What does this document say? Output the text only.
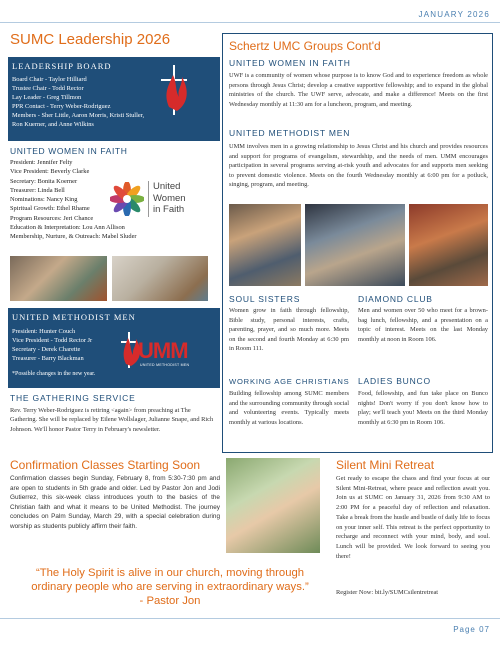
JANUARY 2026
SUMC Leadership 2026
LEADERSHIP BOARD
Board Chair - Taylor Hilliard
Trustee Chair - Todd Rector
Lay Leader - Greg Tillmon
PPR Contact - Terry Weber-Rodriguez
Members - Sher Little, Aaron Morris, Kristi Stuller,
Ron Kuerner, and Anne Wilkins
UNITED WOMEN IN FAITH
President: Jennifer Felty
Vice President: Beverly Clarke
Secretary: Bonita Koerner
Treasurer: Linda Bell
Nominations: Nancy King
Spiritual Growth: Ethel Rhame
Program Resources: Jeri Chance
Education & Interpretation: Lou Ann Allison
Membership, Nurture, & Outreach: Mabel Sluder
United
Women
in Faith
UNITED METHODIST MEN
President: Hunter Couch
Vice President - Todd Rector Jr
Secretary - Derek Charette
Treasurer - Barry Blackman
*Possible changes in the new year.
UMM
UNITED METHODIST MEN
THE GATHERING SERVICE
Rev. Terry Weber-Rodriguez is retiring <again> from preaching at The Gathering. She will be replaced by Eilene Wollslager, Julianne Snape, and Rich Johnson. We'll honor Pastor Terry in February's newsletter.
Schertz UMC Groups Cont'd
UNITED WOMEN IN FAITH
UWF is a community of women whose purpose is to know God and to experience freedom as whole persons through Jesus Christ; develop a creative supportive fellowship; and to expand in the global ministries of the church. The UWF serve, advocate, and make a difference! Meets on the first Wednesday monthly at 11:30 am for a luncheon, program, and meeting.
UNITED METHODIST MEN
UMM involves men in a growing relationship to Jesus Christ and his church and provides resources and support for programs of evangelism, stewardship, and the needs of men. UMM encourages participation in several programs serving at-risk youth and advocates for and supports men seeking to prevent domestic violence. Meets on the fourth Wednesday monthly at 6:00 pm for a potluck, singing, program, and meeting.
SOUL SISTERS
Women grow in faith through fellowship, Bible study, personal interests, crafts, parenting, prayer, and so much more. Meets on the second and fourth Monday at 6:30 pm in Room 111.
DIAMOND CLUB
Men and women over 50 who meet for a brown-bag lunch, fellowship, and a presentation on a topic of interest. Meets on the last Monday monthly at noon in Room 106.
WORKING AGE CHRISTIANS
Building fellowship among SUMC members and the surrounding community through social and volunteering events. Typically meets monthly at various locations.
LADIES BUNCO
Food, fellowship, and fun take place on Bunco nights! Don't worry if you don't know how to play; we'll teach you! Meets on the third Monday monthly at 6:30 pm in Room 106.
Confirmation Classes Starting Soon
Confirmation classes begin Sunday, February 8, from 5:30-7:30 pm and are open to students in 5th grade and older. Led by Pastor Jon and Jodi Gutierrez, this six-week class introduces youth to the basics of the Christian faith and what it means to be United Methodist. The journey concludes on Palm Sunday, March 29, with a special celebration during worship as students publicly affirm their faith.
Silent Mini Retreat
Get ready to escape the chaos and find your focus at our Silent Mini-Retreat, where peace and reflection await you. Join us at SUMC on January 31, 2026 from 9:30 AM to 2:00 PM for a peaceful day of reflection and relaxation. Take a break from the hustle and bustle of daily life to focus on your inner self. This retreat is the perfect opportunity to recharge and reconnect with your mind, body, and soul. Lunch will be provided. We look forward to seeing you there!
Register Now: bit.ly/SUMCsilentretreat
“The Holy Spirit is alive in our church, moving through
ordinary people who are serving in extraordinary ways.”
- Pastor Jon
Page 07
